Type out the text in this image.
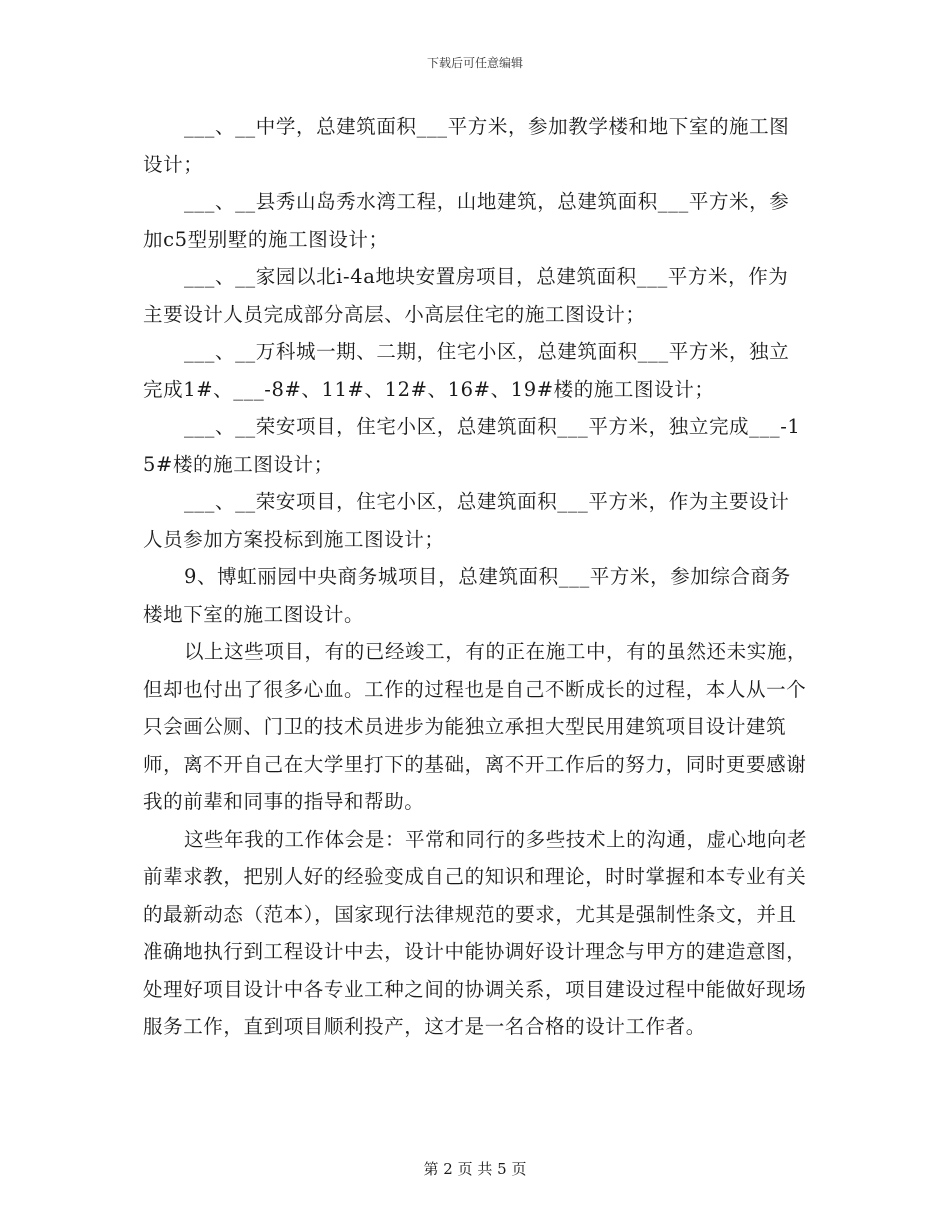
下载后可任意编辑

___、__中学，总建筑面积___平方米，参加教学楼和地下室的施工图设计；

___、__县秀山岛秀水湾工程，山地建筑，总建筑面积___平方米，参加c5型别墅的施工图设计；

___、__家园以北i-4a地块安置房项目，总建筑面积___平方米，作为主要设计人员完成部分高层、小高层住宅的施工图设计；

___、__万科城一期、二期，住宅小区，总建筑面积___平方米，独立完成1#、___-8#、11#、12#、16#、19#楼的施工图设计；

___、__荣安项目，住宅小区，总建筑面积___平方米，独立完成___-15#楼的施工图设计；

___、__荣安项目，住宅小区，总建筑面积___平方米，作为主要设计人员参加方案投标到施工图设计；

9、博虹丽园中央商务城项目，总建筑面积___平方米，参加综合商务楼地下室的施工图设计。

以上这些项目，有的已经竣工，有的正在施工中，有的虽然还未实施，但却也付出了很多心血。工作的过程也是自己不断成长的过程，本人从一个只会画公厕、门卫的技术员进步为能独立承担大型民用建筑项目设计建筑师，离不开自己在大学里打下的基础，离不开工作后的努力，同时更要感谢我的前辈和同事的指导和帮助。

这些年我的工作体会是：平常和同行的多些技术上的沟通，虚心地向老前辈求教，把别人好的经验变成自己的知识和理论，时时掌握和本专业有关的最新动态（范本），国家现行法律规范的要求，尤其是强制性条文，并且准确地执行到工程设计中去，设计中能协调好设计理念与甲方的建造意图，处理好项目设计中各专业工种之间的协调关系，项目建设过程中能做好现场服务工作，直到项目顺利投产，这才是一名合格的设计工作者。

第 2 页 共 5 页
